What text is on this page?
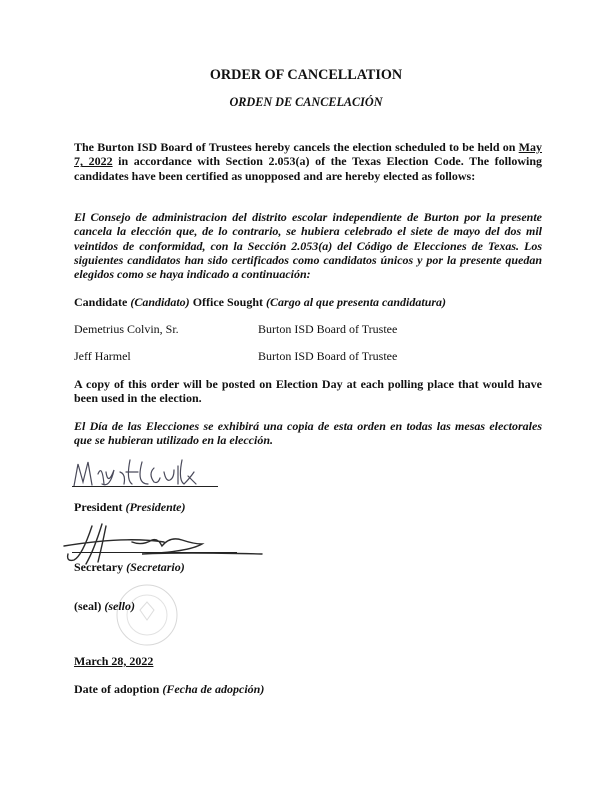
ORDER OF CANCELLATION
ORDEN DE CANCELACIÓN

The Burton ISD Board of Trustees hereby cancels the election scheduled to be held on May 7, 2022 in accordance with Section 2.053(a) of the Texas Election Code. The following candidates have been certified as unopposed and are hereby elected as follows:

El Consejo de administracion del distrito escolar independiente de Burton por la presente cancela la elección que, de lo contrario, se hubiera celebrado el siete de mayo del dos mil veintidos de conformidad, con la Sección 2.053(a) del Código de Elecciones de Texas. Los siguientes candidatos han sido certificados como candidatos únicos y por la presente quedan elegidos como se haya indicado a continuación:

Candidate (Candidato) Office Sought (Cargo al que presenta candidatura)
Demetrius Colvin, Sr.	Burton ISD Board of Trustee
Jeff Harmel	Burton ISD Board of Trustee

A copy of this order will be posted on Election Day at each polling place that would have been used in the election.

El Día de las Elecciones se exhibirá una copia de esta orden en todas las mesas electorales que se hubieran utilizado en la elección.

President (Presidente)
Secretary (Secretario)
(seal) (sello)
March 28, 2022
Date of adoption (Fecha de adopción)
